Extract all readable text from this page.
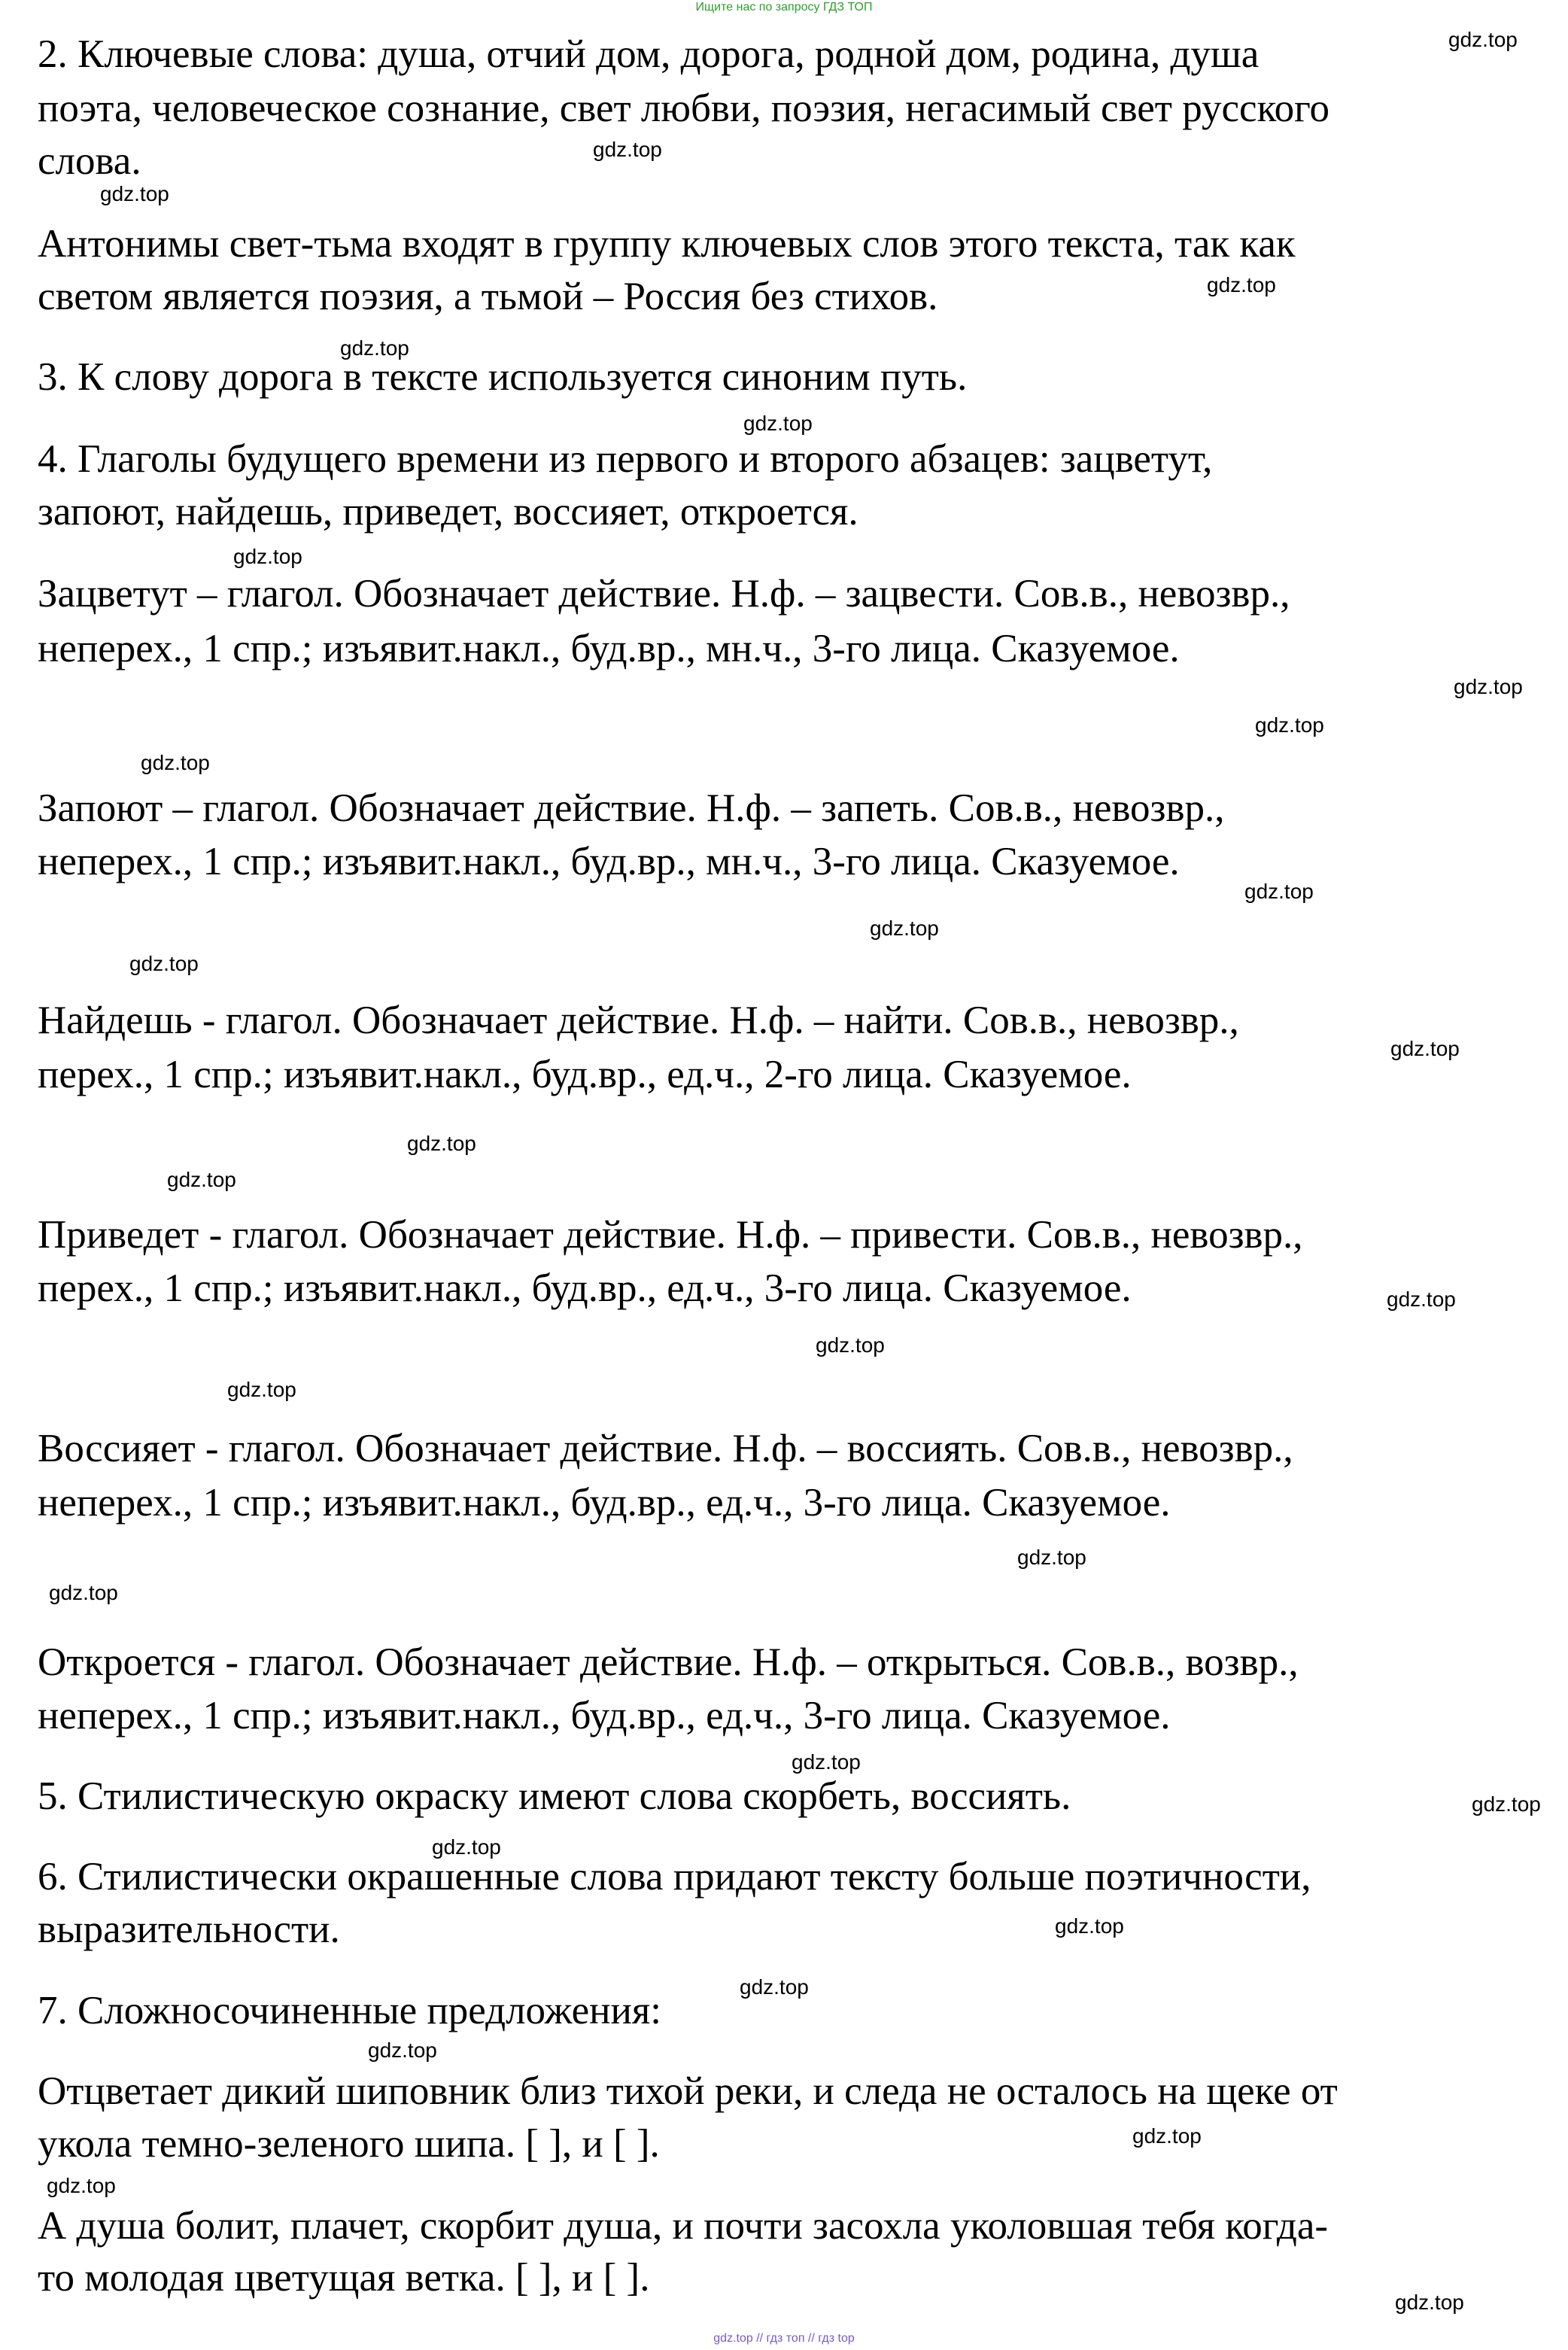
Ищите нас по запросу ГДЗ ТОП
2. Ключевые слова: душа, отчий дом, дорога, родной дом, родина, душа
поэта, человеческое сознание, свет любви, поэзия, негасимый свет русского
слова.
Антонимы свет-тьма входят в группу ключевых слов этого текста, так как
светом является поэзия, а тьмой – Россия без стихов.
3. К слову дорога в тексте используется синоним путь.
4. Глаголы будущего времени из первого и второго абзацев: зацветут,
запоют, найдешь, приведет, воссияет, откроется.
Зацветут – глагол. Обозначает действие. Н.ф. – зацвести. Сов.в., невозвр.,
неперех., 1 спр.; изъявит.накл., буд.вр., мн.ч., 3-го лица. Сказуемое.
Запоют – глагол. Обозначает действие. Н.ф. – запеть. Сов.в., невозвр.,
неперех., 1 спр.; изъявит.накл., буд.вр., мн.ч., 3-го лица. Сказуемое.
Найдешь - глагол. Обозначает действие. Н.ф. – найти. Сов.в., невозвр.,
перех., 1 спр.; изъявит.накл., буд.вр., ед.ч., 2-го лица. Сказуемое.
Приведет - глагол. Обозначает действие. Н.ф. – привести. Сов.в., невозвр.,
перех., 1 спр.; изъявит.накл., буд.вр., ед.ч., 3-го лица. Сказуемое.
Воссияет - глагол. Обозначает действие. Н.ф. – воссиять. Сов.в., невозвр.,
неперех., 1 спр.; изъявит.накл., буд.вр., ед.ч., 3-го лица. Сказуемое.
Откроется - глагол. Обозначает действие. Н.ф. – открыться. Сов.в., возвр.,
неперех., 1 спр.; изъявит.накл., буд.вр., ед.ч., 3-го лица. Сказуемое.
5. Стилистическую окраску имеют слова скорбеть, воссиять.
6. Стилистически окрашенные слова придают тексту больше поэтичности,
выразительности.
7. Сложносочиненные предложения:
Отцветает дикий шиповник близ тихой реки, и следа не осталось на щеке от
укола темно-зеленого шипа. [ ], и [ ].
А душа болит, плачет, скорбит душа, и почти засохла уколовшая тебя когда-
то молодая цветущая ветка. [ ], и [ ].
gdz.top
gdz.top
gdz.top
gdz.top
gdz.top
gdz.top
gdz.top
gdz.top
gdz.top
gdz.top
gdz.top
gdz.top
gdz.top
gdz.top
gdz.top
gdz.top
gdz.top
gdz.top
gdz.top
gdz.top
gdz.top
gdz.top
gdz.top
gdz.top
gdz.top
gdz.top
gdz.top
gdz.top
gdz.top
gdz.top
gdz.top // гдз топ // гдз top
